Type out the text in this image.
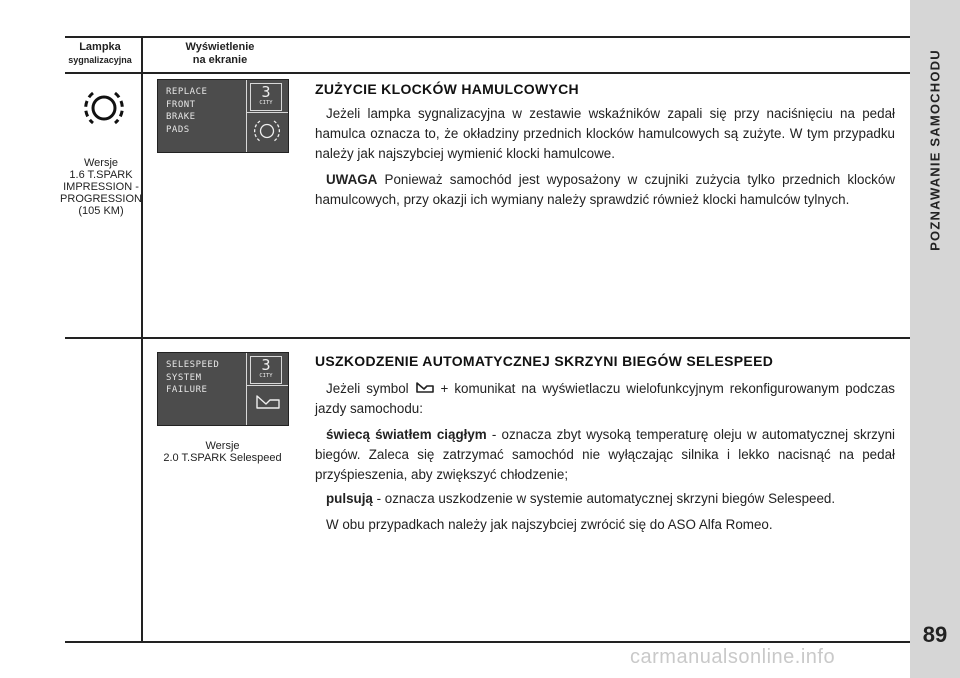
POZNAWANIE SAMOCHODU
89
Lampka
sygnalizacyjna
Wyświetlenie
na ekranie
Wersje
1.6 T.SPARK
IMPRESSION -
PROGRESSION
(105 KM)
REPLACE
FRONT
BRAKE
PADS
3
CITY
ZUŻYCIE KLOCKÓW HAMULCOWYCH

Jeżeli lampka sygnalizacyjna w zestawie wskaźników zapali się przy naciśnięciu na pedał hamulca oznacza to, że okładziny przednich klocków hamulcowych są zużyte. W tym przypadku należy jak najszybciej wymienić klocki hamulcowe.

UWAGA Ponieważ samochód jest wyposażony w czujniki zużycia tylko przednich klocków hamulcowych, przy okazji ich wymiany należy sprawdzić również klocki hamulców tylnych.

SELESPEED
SYSTEM
FAILURE
3
CITY
Wersje
2.0 T.SPARK Selespeed
USZKODZENIE AUTOMATYCZNEJ SKRZYNI BIEGÓW SELESPEED

Jeżeli symbol  + komunikat na wyświetlaczu wielofunkcyjnym rekonfigurowanym podczas jazdy samochodu:

świecą światłem ciągłym - oznacza zbyt wysoką temperaturę oleju w automatycznej skrzyni biegów. Zaleca się zatrzymać samochód nie wyłączając silnika i lekko nacisnąć na pedał przyśpieszenia, aby zwiększyć chłodzenie;

pulsują - oznacza uszkodzenie w systemie automatycznej skrzyni biegów Selespeed.

W obu przypadkach należy jak najszybciej zwrócić się do ASO Alfa Romeo.

carmanualsonline.info
